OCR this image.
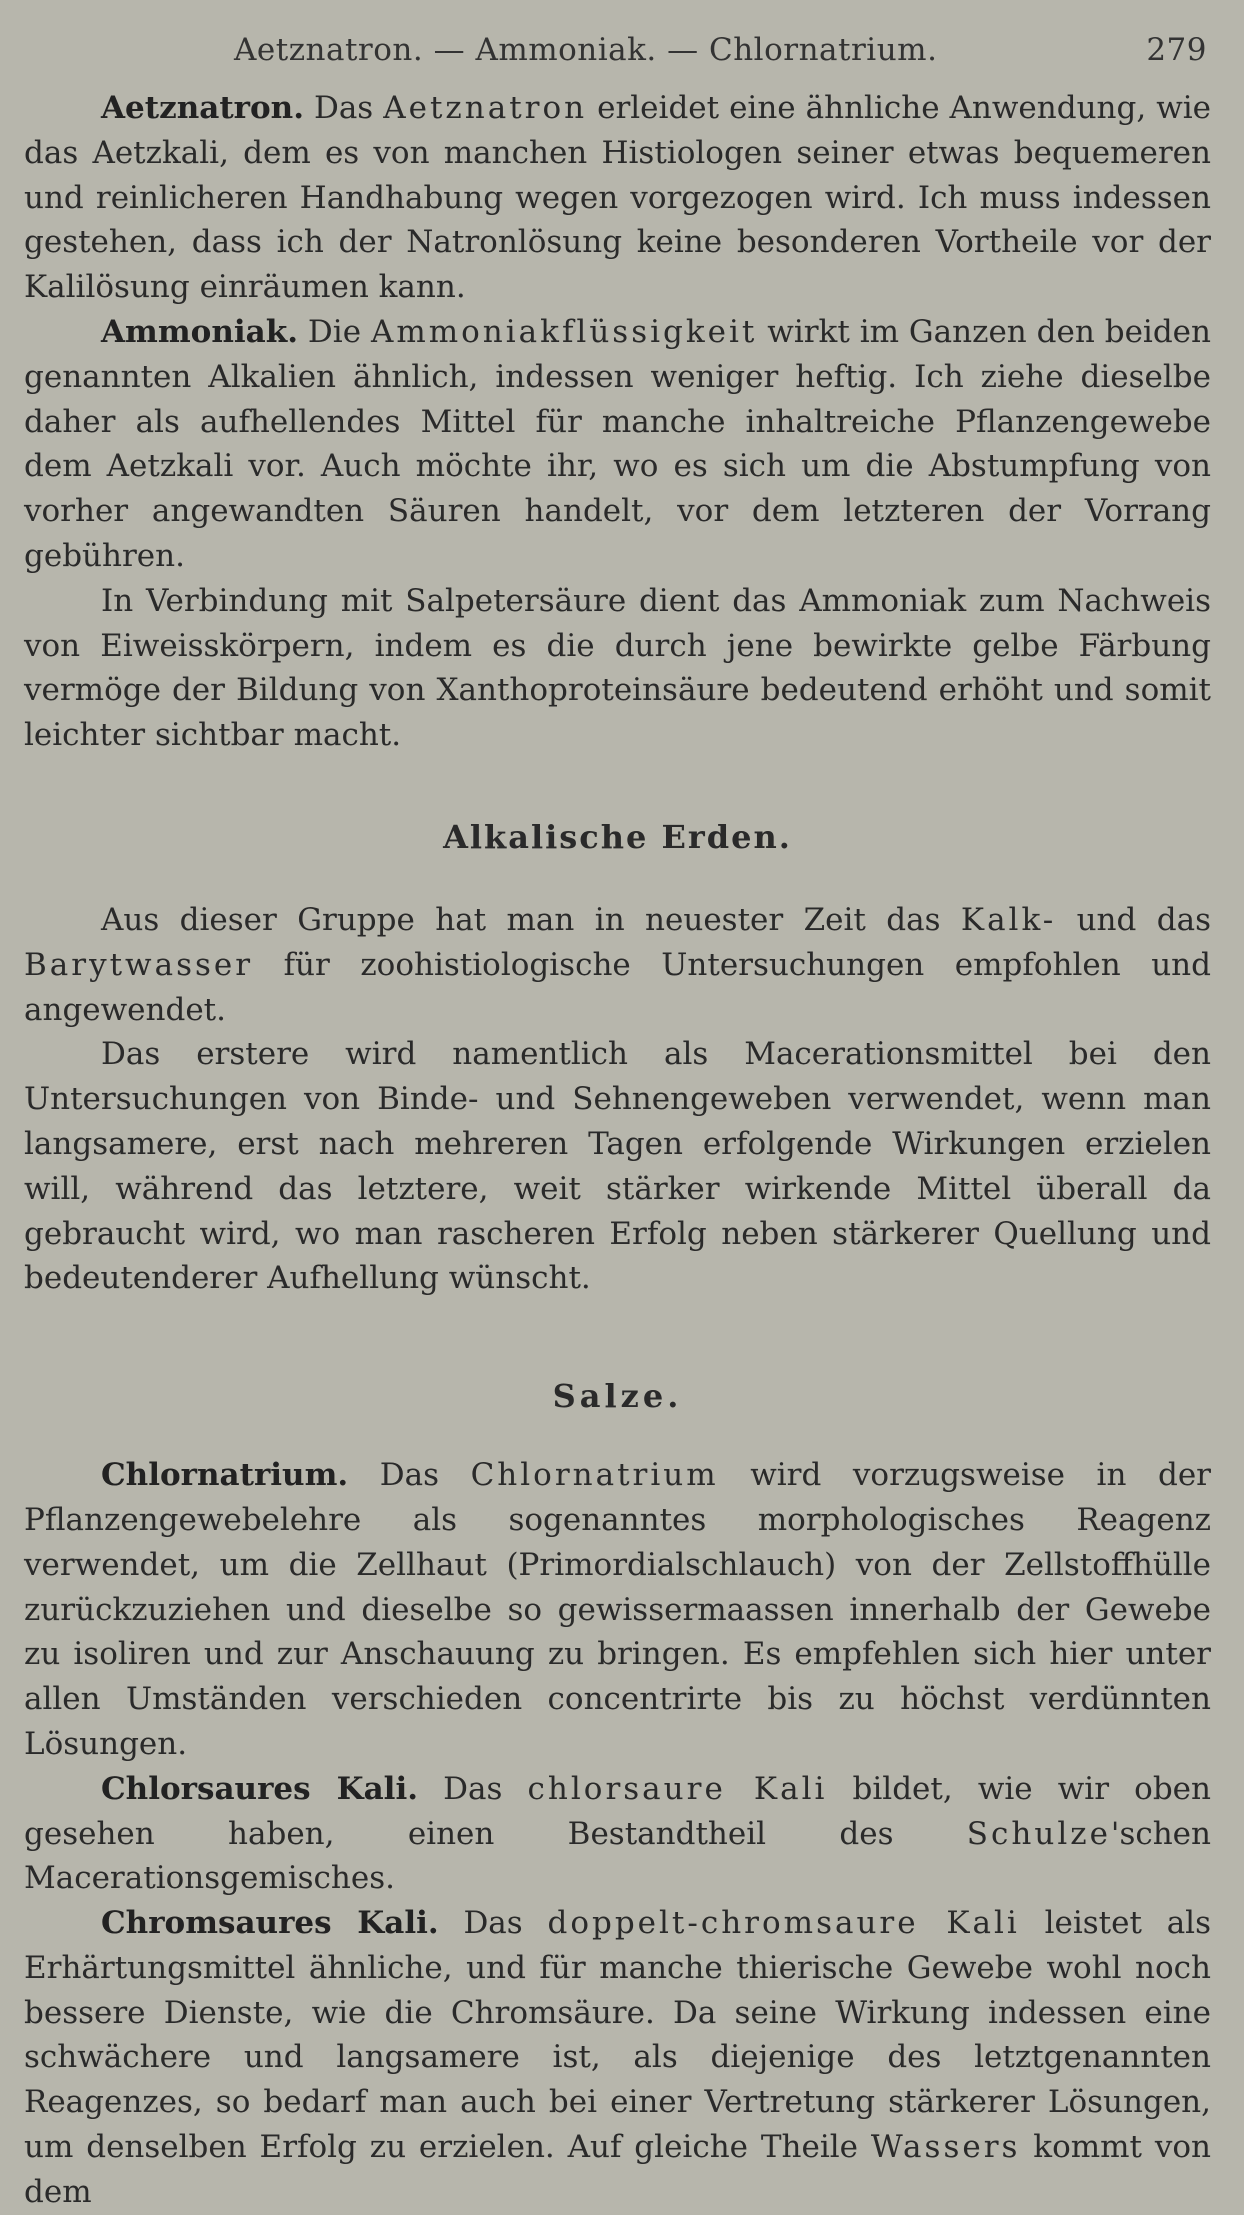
Aetznatron. — Ammoniak. — Chlornatrium.	279

Aetznatron. Das Aetznatron erleidet eine ähnliche Anwendung, wie das Aetzkali, dem es von manchen Histiologen seiner etwas bequemeren und reinlicheren Handhabung wegen vorgezogen wird. Ich muss indessen gestehen, dass ich der Natronlösung keine besonderen Vortheile vor der Kalilösung einräumen kann.

Ammoniak. Die Ammoniakflüssigkeit wirkt im Ganzen den beiden genannten Alkalien ähnlich, indessen weniger heftig. Ich ziehe dieselbe daher als aufhellendes Mittel für manche inhaltreiche Pflanzengewebe dem Aetzkali vor. Auch möchte ihr, wo es sich um die Abstumpfung von vorher angewandten Säuren handelt, vor dem letzteren der Vorrang gebühren.

In Verbindung mit Salpetersäure dient das Ammoniak zum Nachweis von Eiweisskörpern, indem es die durch jene bewirkte gelbe Färbung vermöge der Bildung von Xanthoproteinsäure bedeutend erhöht und somit leichter sichtbar macht.

Alkalische Erden.

Aus dieser Gruppe hat man in neuester Zeit das Kalk- und das Barytwasser für zoohistiologische Untersuchungen empfohlen und angewendet.

Das erstere wird namentlich als Macerationsmittel bei den Untersuchungen von Binde- und Sehnengeweben verwendet, wenn man langsamere, erst nach mehreren Tagen erfolgende Wirkungen erzielen will, während das letztere, weit stärker wirkende Mittel überall da gebraucht wird, wo man rascheren Erfolg neben stärkerer Quellung und bedeutenderer Aufhellung wünscht.

Salze.

Chlornatrium. Das Chlornatrium wird vorzugsweise in der Pflanzengewebelehre als sogenanntes morphologisches Reagenz verwendet, um die Zellhaut (Primordialschlauch) von der Zellstoffhülle zurückzuziehen und dieselbe so gewissermaassen innerhalb der Gewebe zu isoliren und zur Anschauung zu bringen. Es empfehlen sich hier unter allen Umständen verschieden concentrirte bis zu höchst verdünnten Lösungen.

Chlorsaures Kali. Das chlorsaure Kali bildet, wie wir oben gesehen haben, einen Bestandtheil des Schulze'schen Macerationsgemisches.

Chromsaures Kali. Das doppelt-chromsaure Kali leistet als Erhärtungsmittel ähnliche, und für manche thierische Gewebe wohl noch bessere Dienste, wie die Chromsäure. Da seine Wirkung indessen eine schwächere und langsamere ist, als diejenige des letztgenannten Reagenzes, so bedarf man auch bei einer Vertretung stärkerer Lösungen, um denselben Erfolg zu erzielen. Auf gleiche Theile Wassers kommt von dem
